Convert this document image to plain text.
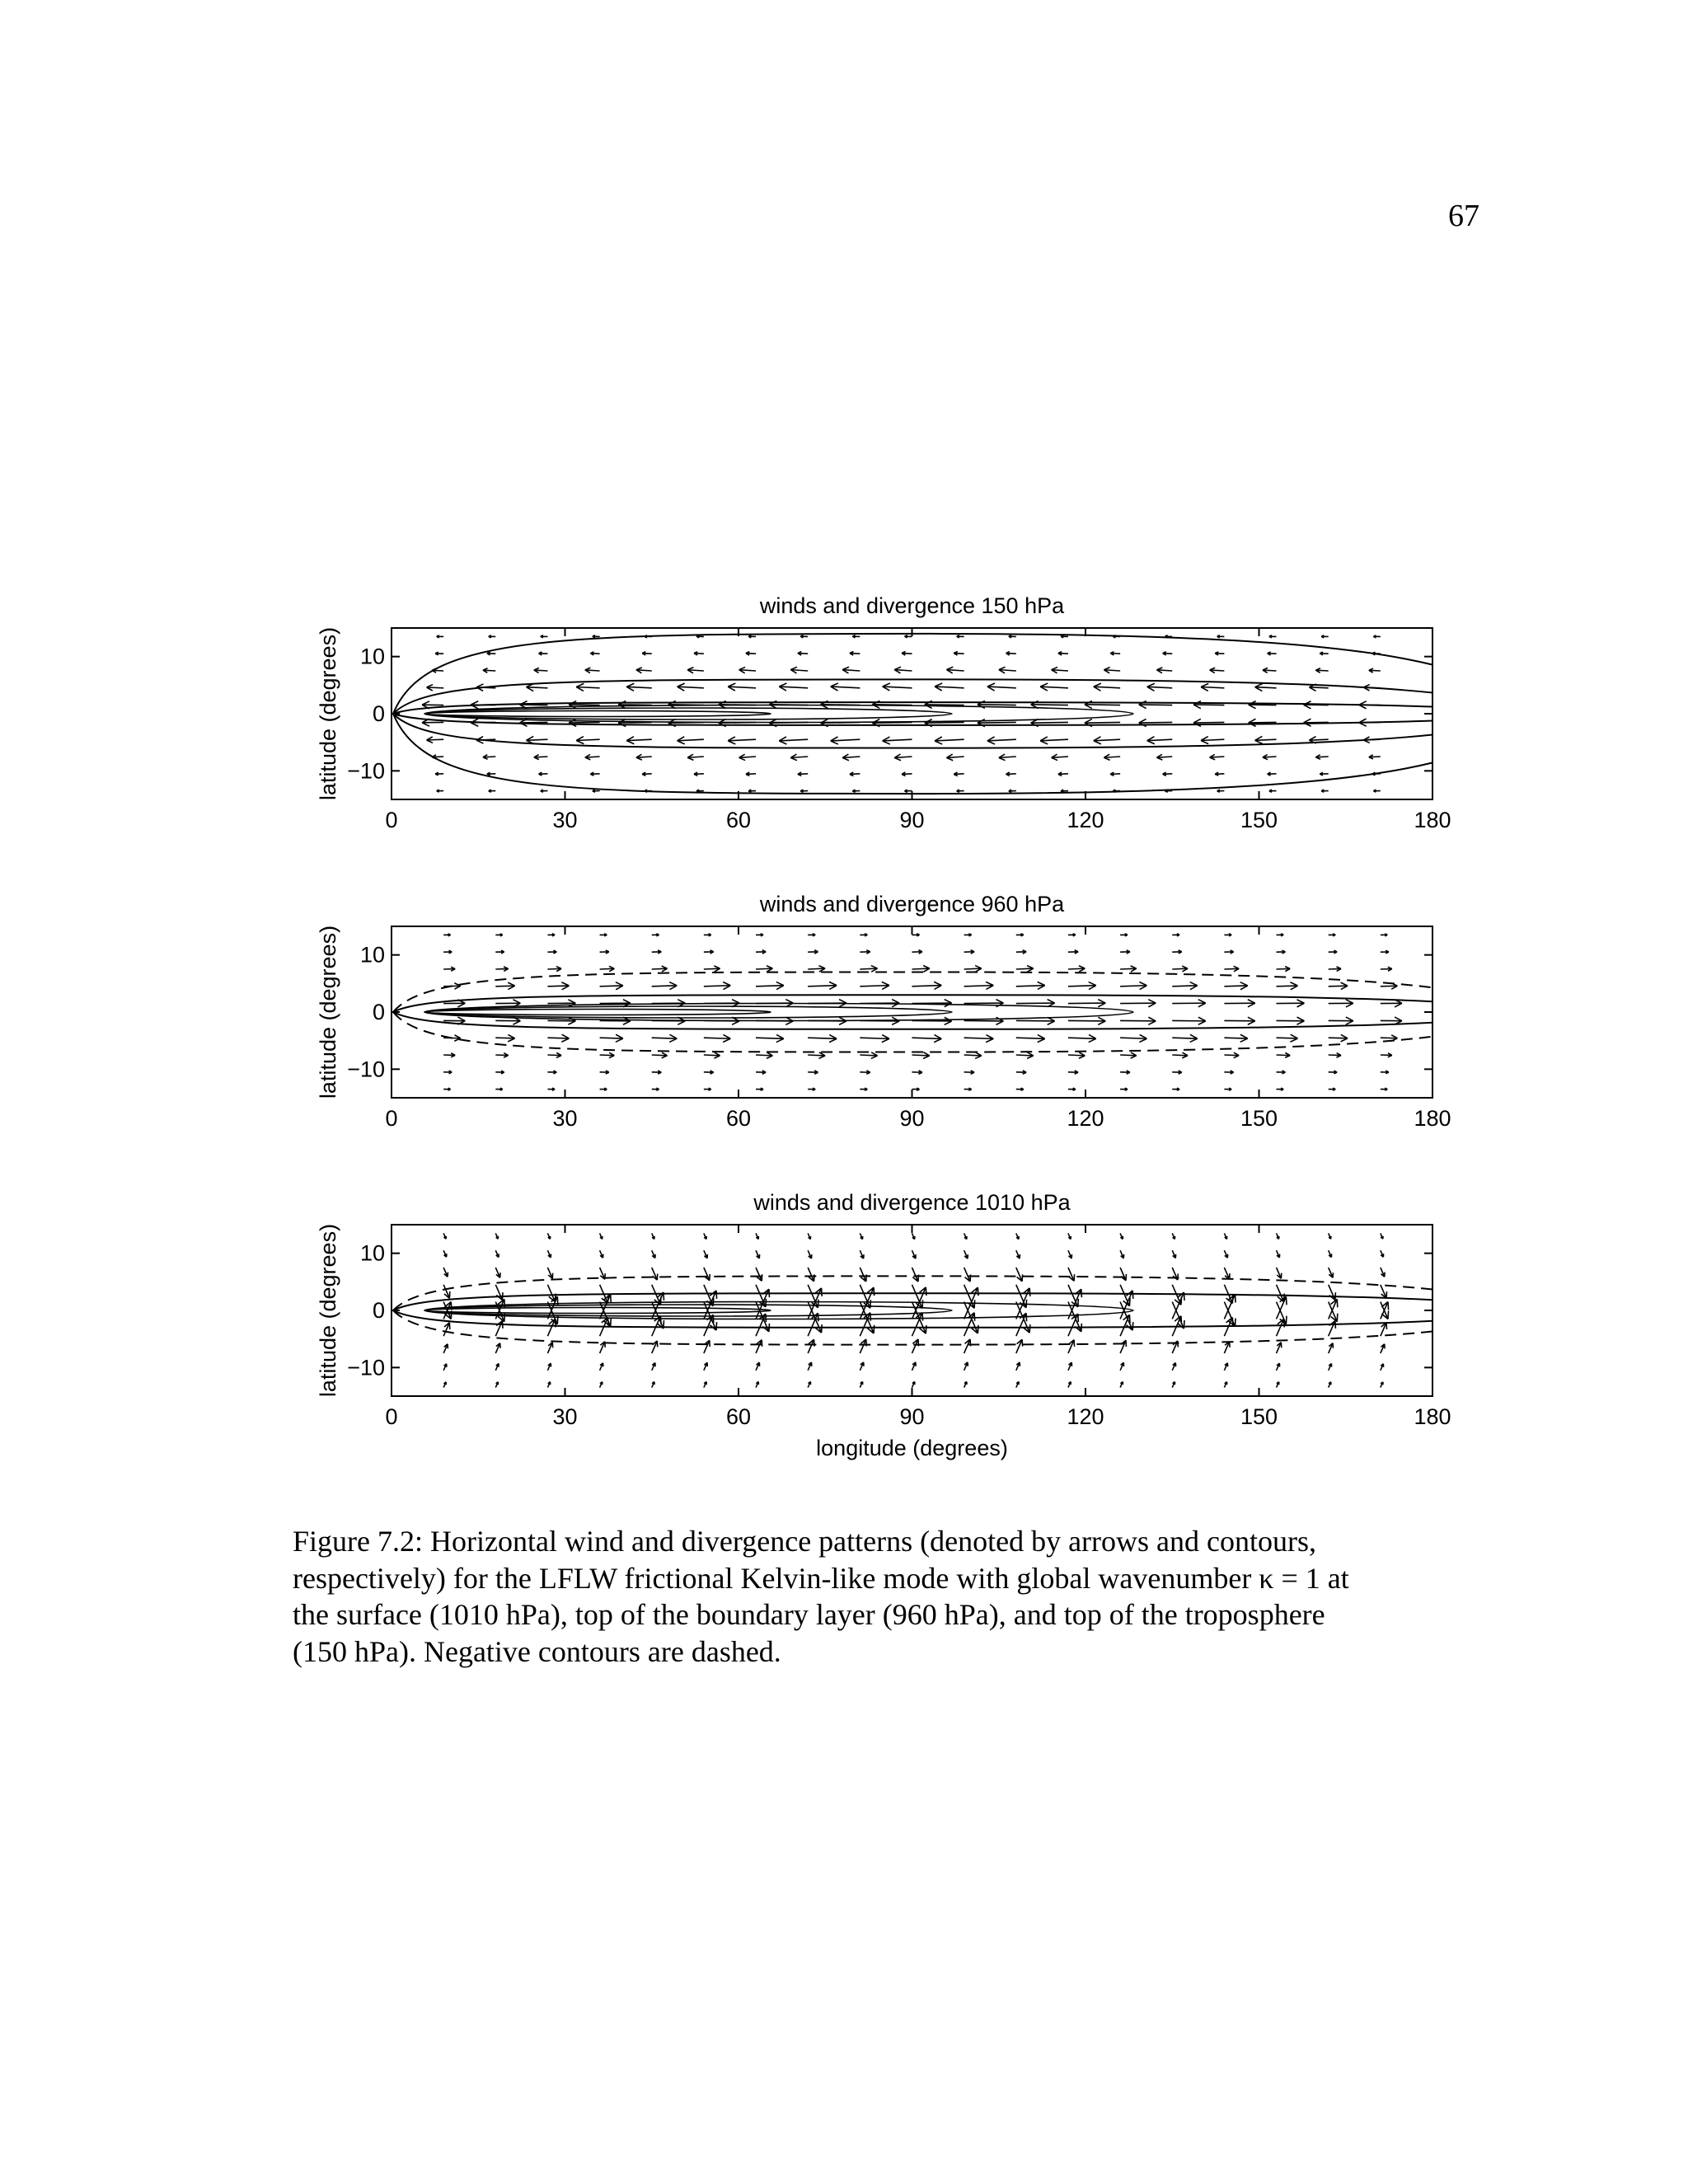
67
winds and divergence 150 hPa
latitude (degrees)
0	30	60	90	120	150	180
10
0
−10
winds and divergence 960 hPa
latitude (degrees)
0	30	60	90	120	150	180
10
0
−10
winds and divergence 1010 hPa
latitude (degrees)
0	30	60	90	120	150	180
10
0
−10
longitude (degrees)
Figure 7.2: Horizontal wind and divergence patterns (denoted by arrows and contours,
respectively) for the LFLW frictional Kelvin-like mode with global wavenumber κ = 1 at
the surface (1010 hPa), top of the boundary layer (960 hPa), and top of the troposphere
(150 hPa). Negative contours are dashed.
